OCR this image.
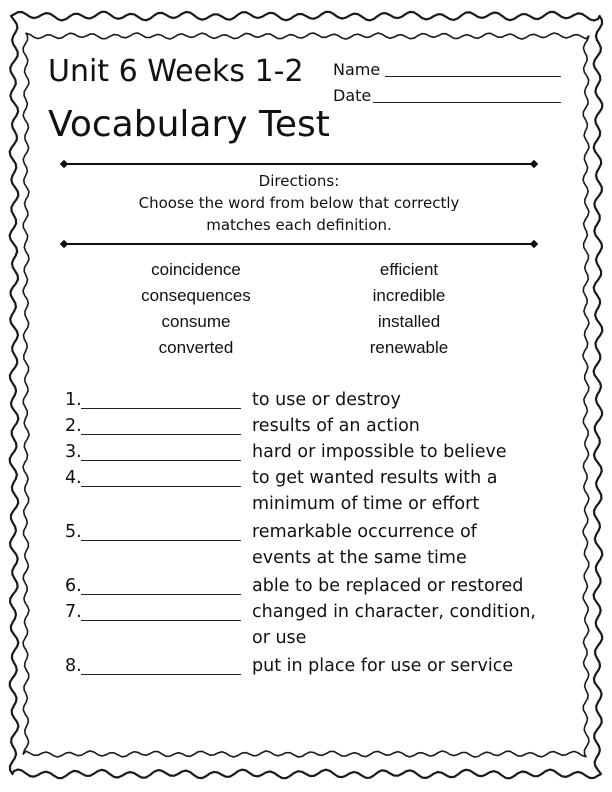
Unit 6 Weeks 1-2
Vocabulary Test
Name
Date
Directions:
Choose the word from below that correctly
matches each definition.
coincidence
consequences
consume
converted
efficient
incredible
installed
renewable
1.	to use or destroy
2.	results of an action
3.	hard or impossible to believe
4.	to get wanted results with a
minimum of time or effort
5.	remarkable occurrence of
events at the same time
6.	able to be replaced or restored
7.	changed in character, condition,
or use
8.	put in place for use or service
